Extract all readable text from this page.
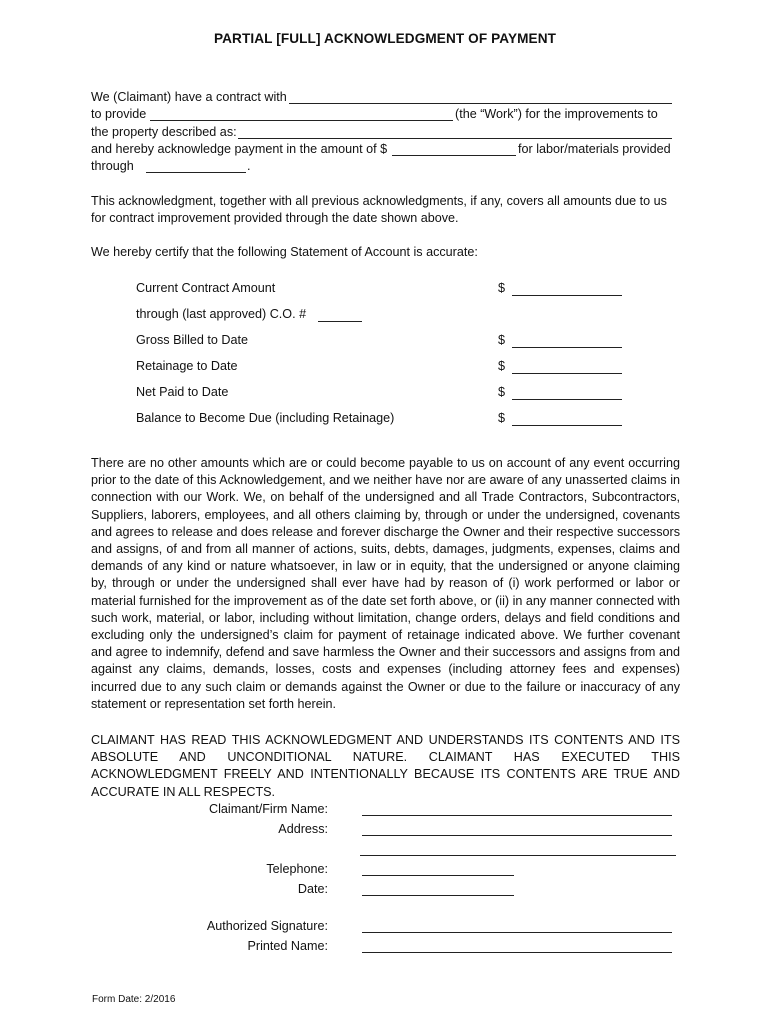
PARTIAL [FULL] ACKNOWLEDGMENT OF PAYMENT
We (Claimant) have a contract with
to provide	(the “Work”) for the improvements to
the property described as:
and hereby acknowledge payment in the amount of $	for labor/materials provided
through	.
This acknowledgment, together with all previous acknowledgments, if any, covers all amounts due to us for contract improvement provided through the date shown above.
We hereby certify that the following Statement of Account is accurate:
Current Contract Amount	$
through (last approved) C.O. #
Gross Billed to Date	$
Retainage to Date	$
Net Paid to Date	$
Balance to Become Due (including Retainage)	$
There are no other amounts which are or could become payable to us on account of any event occurring prior to the date of this Acknowledgement, and we neither have nor are aware of any unasserted claims in connection with our Work. We, on behalf of the undersigned and all Trade Contractors, Subcontractors, Suppliers, laborers, employees, and all others claiming by, through or under the undersigned, covenants and agrees to release and does release and forever discharge the Owner and their respective successors and assigns, of and from all manner of actions, suits, debts, damages, judgments, expenses, claims and demands of any kind or nature whatsoever, in law or in equity, that the undersigned or anyone claiming by, through or under the undersigned shall ever have had by reason of (i) work performed or labor or material furnished for the improvement as of the date set forth above, or (ii) in any manner connected with such work, material, or labor, including without limitation, change orders, delays and field conditions and excluding only the undersigned’s claim for payment of retainage indicated above. We further covenant and agree to indemnify, defend and save harmless the Owner and their successors and assigns from and against any claims, demands, losses, costs and expenses (including attorney fees and expenses) incurred due to any such claim or demands against the Owner or due to the failure or inaccuracy of any statement or representation set forth herein.
CLAIMANT HAS READ THIS ACKNOWLEDGMENT AND UNDERSTANDS ITS CONTENTS AND ITS ABSOLUTE AND UNCONDITIONAL NATURE. CLAIMANT HAS EXECUTED THIS ACKNOWLEDGMENT FREELY AND INTENTIONALLY BECAUSE ITS CONTENTS ARE TRUE AND ACCURATE IN ALL RESPECTS.
Claimant/Firm Name:
Address:
Telephone:
Date:
Authorized Signature:
Printed Name:
Form Date: 2/2016
